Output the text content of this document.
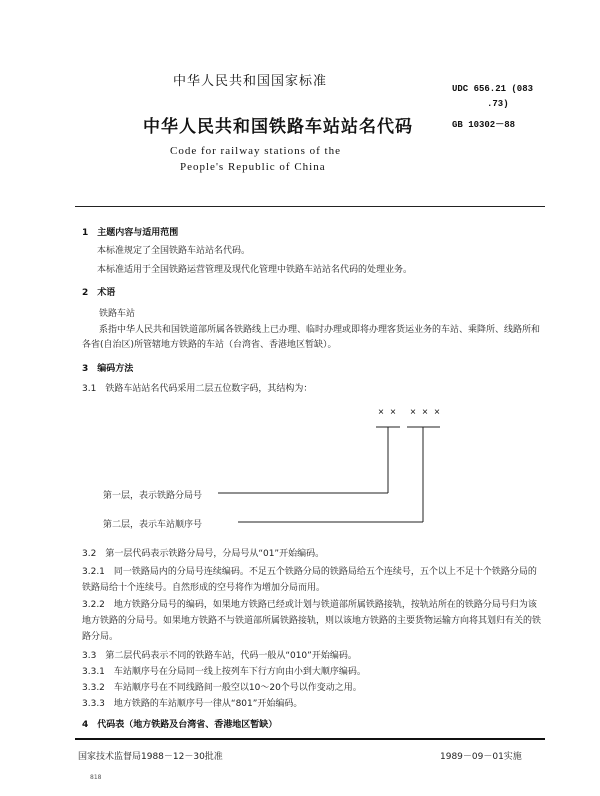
中华人民共和国国家标准	UDC 656.21 (083
.73)
GB 10302－88
中华人民共和国铁路车站站名代码
Code for railway stations of the
People's Republic of China
1　主题内容与适用范围
本标准规定了全国铁路车站站名代码。
本标准适用于全国铁路运营管理及现代化管理中铁路车站站名代码的处理业务。
2　术语
铁路车站
系指中华人民共和国铁道部所属各铁路线上已办理、临时办理或即将办理客货运业务的车站、乘降所、线路所和各省(自治区)所管辖地方铁路的车站（台湾省、香港地区暂缺）。
3　编码方法
3.1　铁路车站站名代码采用二层五位数字码，其结构为：
× × × × ×
第一层，表示铁路分局号
第二层，表示车站顺序号
3.2　第一层代码表示铁路分局号，分局号从“01”开始编码。
3.2.1　同一铁路局内的分局号连续编码。不足五个铁路分局的铁路局给五个连续号，五个以上不足十个铁路分局的铁路局给十个连续号。自然形成的空号将作为增加分局而用。
3.2.2　地方铁路分局号的编码，如果地方铁路已经或计划与铁道部所属铁路接轨，按轨站所在的铁路分局号归为该地方铁路的分局号。如果地方铁路不与铁道部所属铁路接轨，则以该地方铁路的主要货物运输方向将其划归有关的铁路分局。
3.3　第二层代码表示不同的铁路车站，代码一般从“010”开始编码。
3.3.1　车站顺序号在分局同一线上按列车下行方向由小到大顺序编码。
3.3.2　车站顺序号在不同线路间一般空以10～20个号以作变动之用。
3.3.3　地方铁路的车站顺序号一律从“801”开始编码。
4　代码表（地方铁路及台湾省、香港地区暂缺）
国家技术监督局1988－12－30批准	1989－09－01实施
818
